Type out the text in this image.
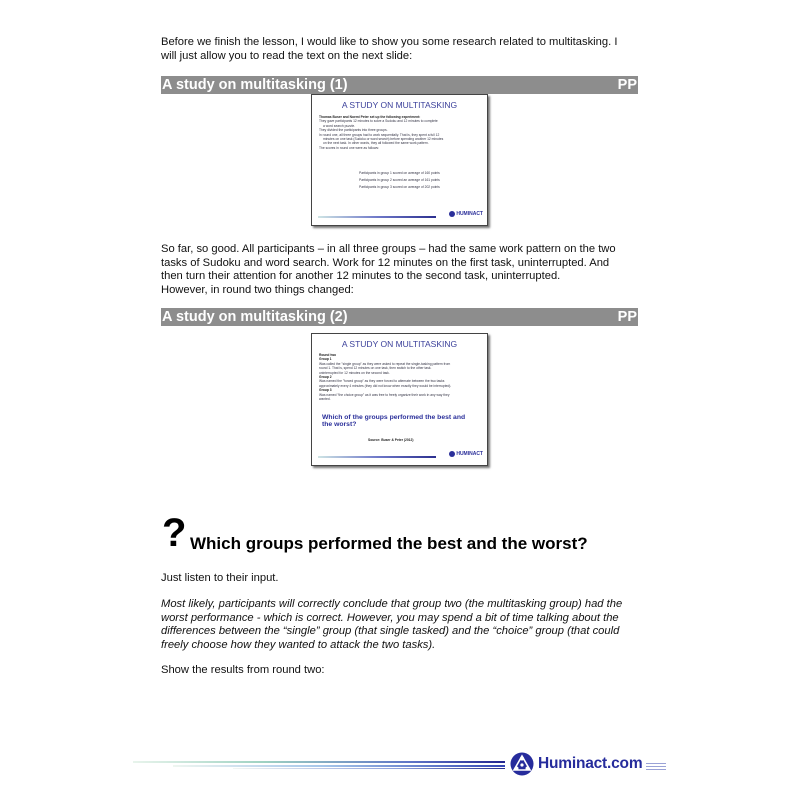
Before we finish the lesson, I would like to show you some research related to multitasking. I
will just allow you to read the text on the next slide:
A study on multitasking (1)	PP
A STUDY ON MULTITASKING
Thomas Buser and Noemi Peter set up the following experiment:
They gave participants 12 minutes to solve a Sudoku and 12 minutes to complete
a word search puzzle.
They divided the participants into three groups.
In round one, all three groups had to work sequentially. That is, they spent a full 12
minutes on one task (Sudoku or word search) before spending another 12 minutes
on the next task. In other words, they all followed the same work pattern.
The scores in round one were as follows:
Participants in group 1 scored on average of 160 points
Participants in group 2 scored an average of 161 points
Participants in group 3 scored on average of 202 points
HUMINACT
So far, so good. All participants – in all three groups – had the same work pattern on the two
tasks of Sudoku and word search. Work for 12 minutes on the first task, uninterrupted. And
then turn their attention for another 12 minutes to the second task, uninterrupted.
However, in round two things changed:
A study on multitasking (2)	PP
A STUDY ON MULTITASKING
Round two
Group 1
Was called the "single group" as they were asked to repeat the single-tasking pattern from
round 1. That is, spend 12 minutes on one task, then switch to the other task.
uninterrupted for 12 minutes on the second task.
Group 2
Was named the "forced group" as they were forced to alternate between the two tasks
approximately every 4 minutes (they did not know when exactly they would be interrupted).
Group 3
Was named "the choice group" as it was free to freely organize their work in any way they
wanted.
Which of the groups performed the best and the worst?
Source: Buser & Peter (2012)
HUMINACT
? Which groups performed the best and the worst?
Just listen to their input.
Most likely, participants will correctly conclude that group two (the multitasking group) had the
worst performance - which is correct. However, you may spend a bit of time talking about the
differences between the “single” group (that single tasked) and the “choice” group (that could
freely choose how they wanted to attack the two tasks).
Show the results from round two:
Huminact.com
